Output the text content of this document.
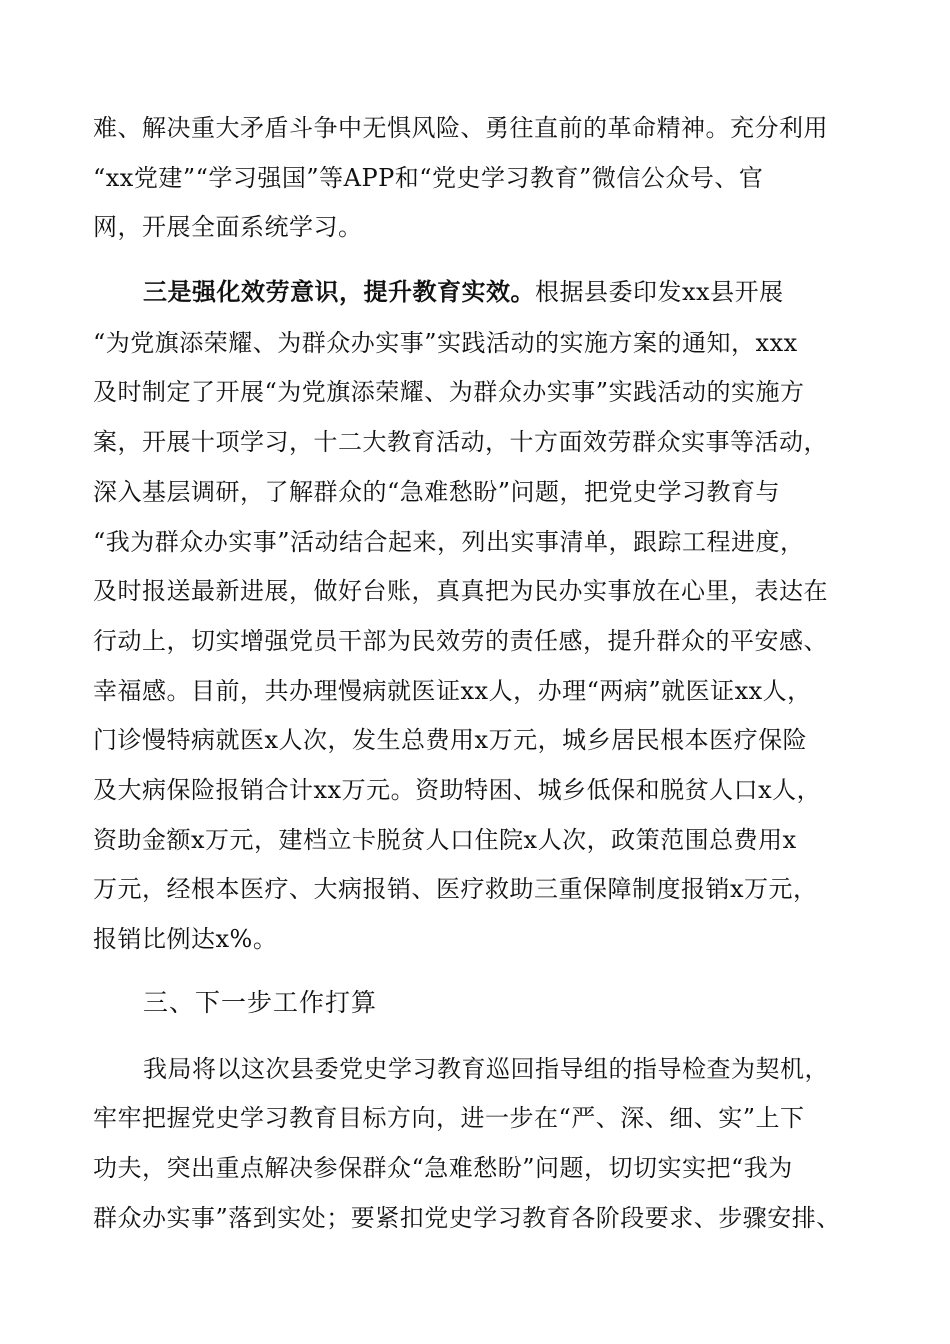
难、解决重大矛盾斗争中无惧风险、勇往直前的革命精神。充分利用
“xx党建”“学习强国”等APP和“党史学习教育”微信公众号、官
网，开展全面系统学习。
三是强化效劳意识，提升教育实效。根据县委印发xx县开展
“为党旗添荣耀、为群众办实事”实践活动的实施方案的通知，xxx
及时制定了开展“为党旗添荣耀、为群众办实事”实践活动的实施方
案，开展十项学习，十二大教育活动，十方面效劳群众实事等活动，
深入基层调研，了解群众的“急难愁盼”问题，把党史学习教育与
“我为群众办实事”活动结合起来，列出实事清单，跟踪工程进度，
及时报送最新进展，做好台账，真真把为民办实事放在心里，表达在
行动上，切实增强党员干部为民效劳的责任感，提升群众的平安感、
幸福感。目前，共办理慢病就医证xx人，办理“两病”就医证xx人，
门诊慢特病就医x人次，发生总费用x万元，城乡居民根本医疗保险
及大病保险报销合计xx万元。资助特困、城乡低保和脱贫人口x人，
资助金额x万元，建档立卡脱贫人口住院x人次，政策范围总费用x
万元，经根本医疗、大病报销、医疗救助三重保障制度报销x万元，
报销比例达x%。
三、下一步工作打算
我局将以这次县委党史学习教育巡回指导组的指导检查为契机，
牢牢把握党史学习教育目标方向，进一步在“严、深、细、实”上下
功夫，突出重点解决参保群众“急难愁盼”问题，切切实实把“我为
群众办实事”落到实处；要紧扣党史学习教育各阶段要求、步骤安排、
